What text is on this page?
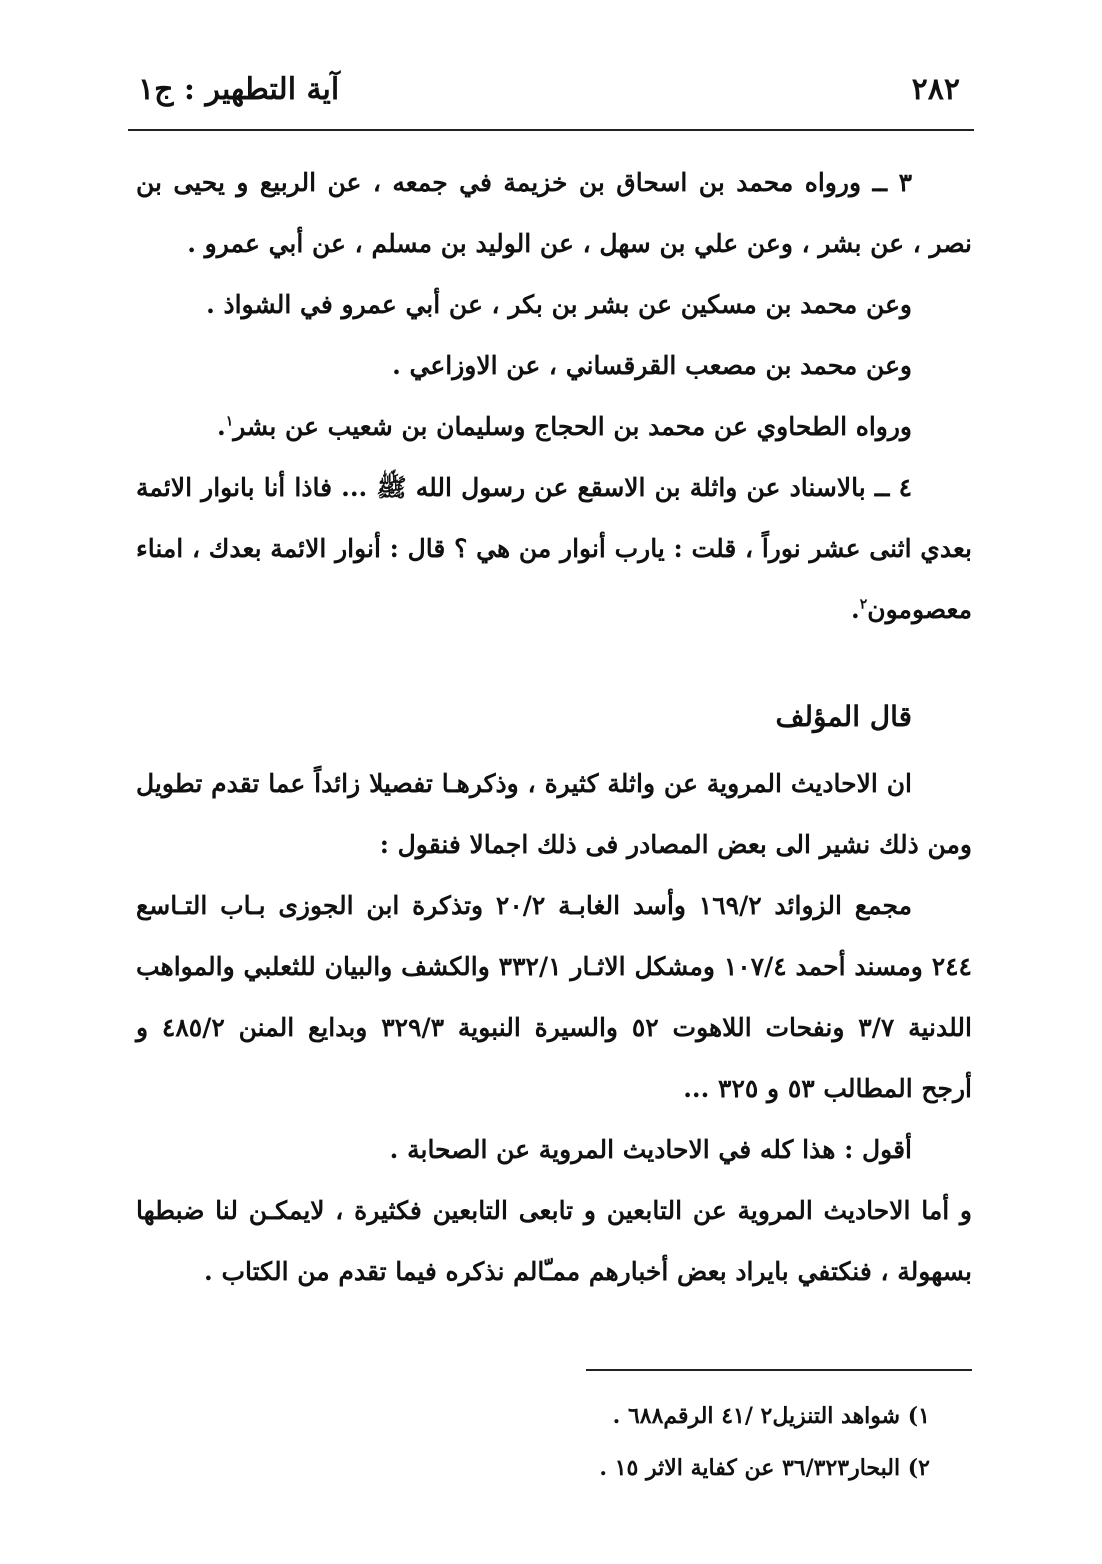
آية التطهير : ج١	٢٨٢

٣ ــ ورواه محمد بن اسحاق بن خزيمة في جمعه ، عن الربيع و يحيى بن نصر ، عن بشر ، وعن علي بن سهل ، عن الوليد بن مسلم ، عن أبي عمرو .

وعن محمد بن مسكين عن بشر بن بكر ، عن أبي عمرو في الشواذ .

وعن محمد بن مصعب القرقساني ، عن الاوزاعي .

ورواه الطحاوي عن محمد بن الحجاج وسليمان بن شعيب عن بشر$^١$.

٤ ــ بالاسناد عن واثلة بن الاسقع عن رسول الله ﷺ ... فاذا أنا بانوار الائمة بعدي اثنى عشر نوراً ، قلت : يارب أنوار من هي ؟ قال : أنوار الائمة بعدك ، امناء معصومون$^٢$.

قال المؤلف

ان الاحاديث المروية عن واثلة كثيرة ، وذكرهـا تفصيلا زائداً عما تقدم تطويل ومن ذلك نشير الى بعض المصادر فى ذلك اجمالا فنقول :

مجمع الزوائد ١٦٩/٢ وأسد الغابـة ٢٠/٢ وتذكرة ابن الجوزى بـاب التـاسع ٢٤٤ ومسند أحمد ١٠٧/٤ ومشكل الاثـار ٣٣٢/١ والكشف والبيان للثعلبي والمواهب اللدنية ٣/٧ ونفحات اللاهوت ٥٢ والسيرة النبوية ٣٢٩/٣ وبدايع المنن ٤٨٥/٢ و أرجح المطالب ٥٣ و ٣٢٥ ...

أقول : هذا كله في الاحاديث المروية عن الصحابة .

و أما الاحاديث المروية عن التابعين و تابعى التابعين فكثيرة ، لايمكـن لنا ضبطها بسهولة ، فنكتفي بايراد بعض أخبارهم ممـّالم نذكره فيما تقدم من الكتاب .

١) شواهد التنزيل٢ /٤١ الرقم٦٨٨ .

٢) البحار٣٦/٣٢٣ عن كفاية الاثر ١٥ .
